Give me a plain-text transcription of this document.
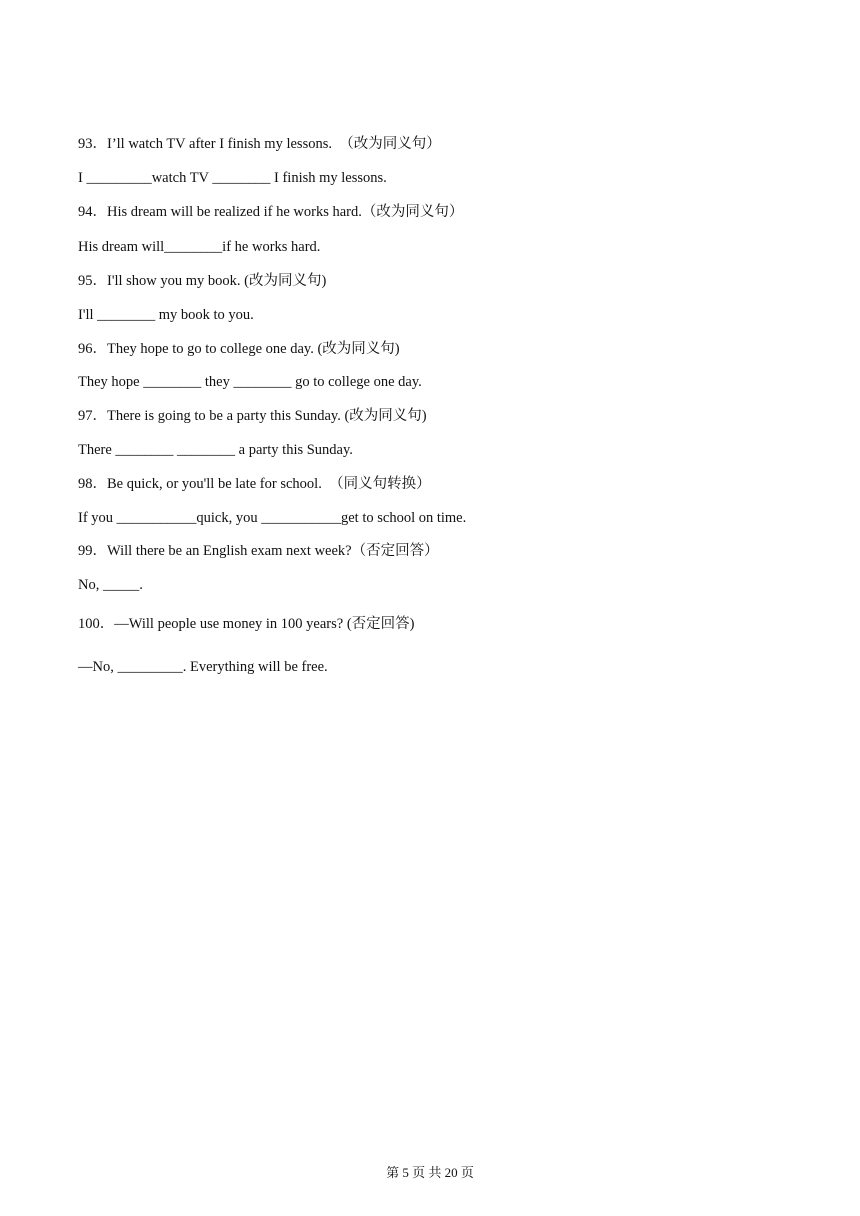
93．I’ll watch TV after I finish my lessons.  （改为同义句）
I _________watch TV ________ I finish my lessons.
94．His dream will be realized if he works hard.（改为同义句）
His dream will________if he works hard.
95．I'll show you my book. (改为同义句)
I'll ________ my book to you.
96．They hope to go to college one day. (改为同义句)
They hope ________ they ________ go to college one day.
97．There is going to be a party this Sunday. (改为同义句)
There ________ ________ a party this Sunday.
98．Be quick, or you'll be late for school.  （同义句转换）
If you ___________quick, you ___________get to school on time.
99．Will there be an English exam next week?（否定回答）
No, _____.
100．—Will people use money in 100 years? (否定回答)
—No, _________. Everything will be free.
第 5 页 共 20 页
